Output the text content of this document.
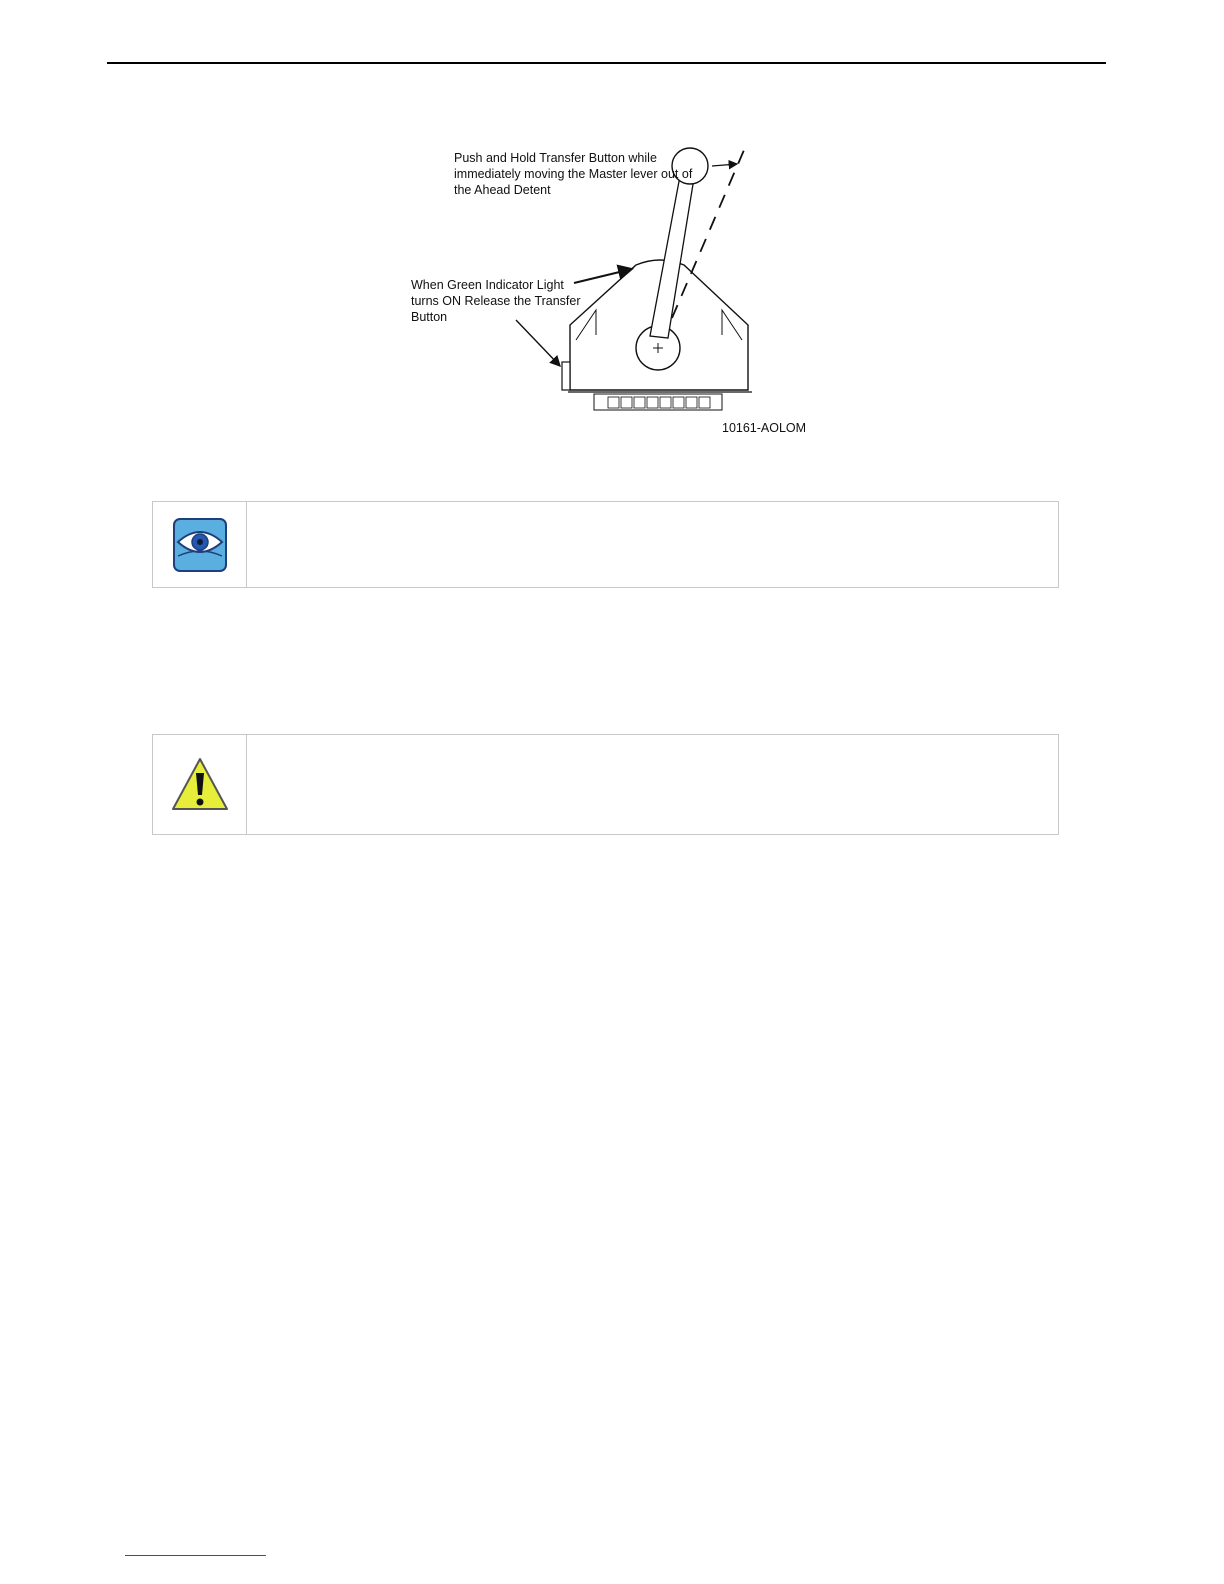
Push and Hold Transfer Button while immediately moving the Master lever out of the Ahead Detent

When Green Indicator Light turns ON Release the Transfer Button

10161-AOLOM
